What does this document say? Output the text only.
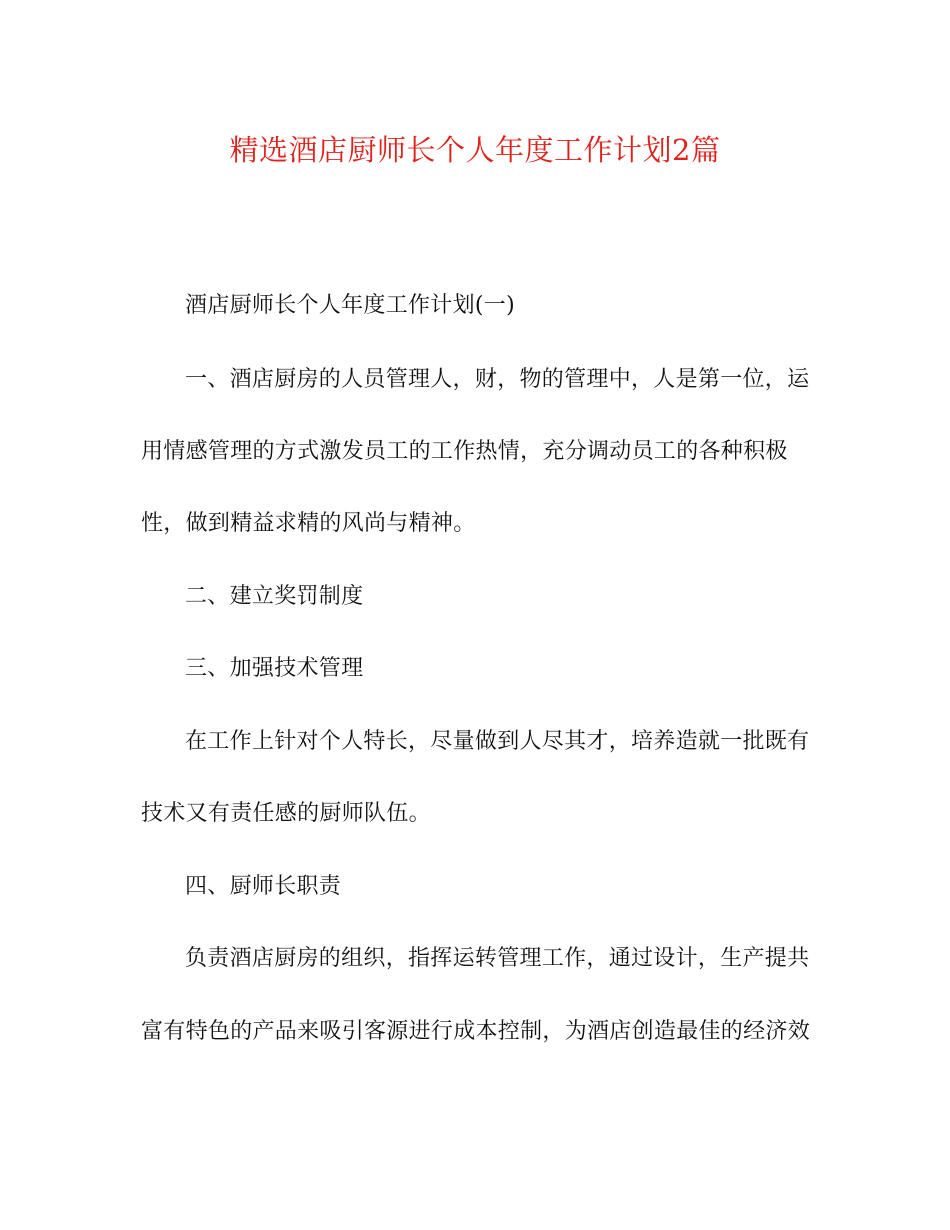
精选酒店厨师长个人年度工作计划2篇
酒店厨师长个人年度工作计划(一)
一、酒店厨房的人员管理人，财，物的管理中，人是第一位，运
用情感管理的方式激发员工的工作热情，充分调动员工的各种积极
性，做到精益求精的风尚与精神。
二、建立奖罚制度
三、加强技术管理
在工作上针对个人特长，尽量做到人尽其才，培养造就一批既有
技术又有责任感的厨师队伍。
四、厨师长职责
负责酒店厨房的组织，指挥运转管理工作，通过设计，生产提共
富有特色的产品来吸引客源进行成本控制，为酒店创造最佳的经济效
